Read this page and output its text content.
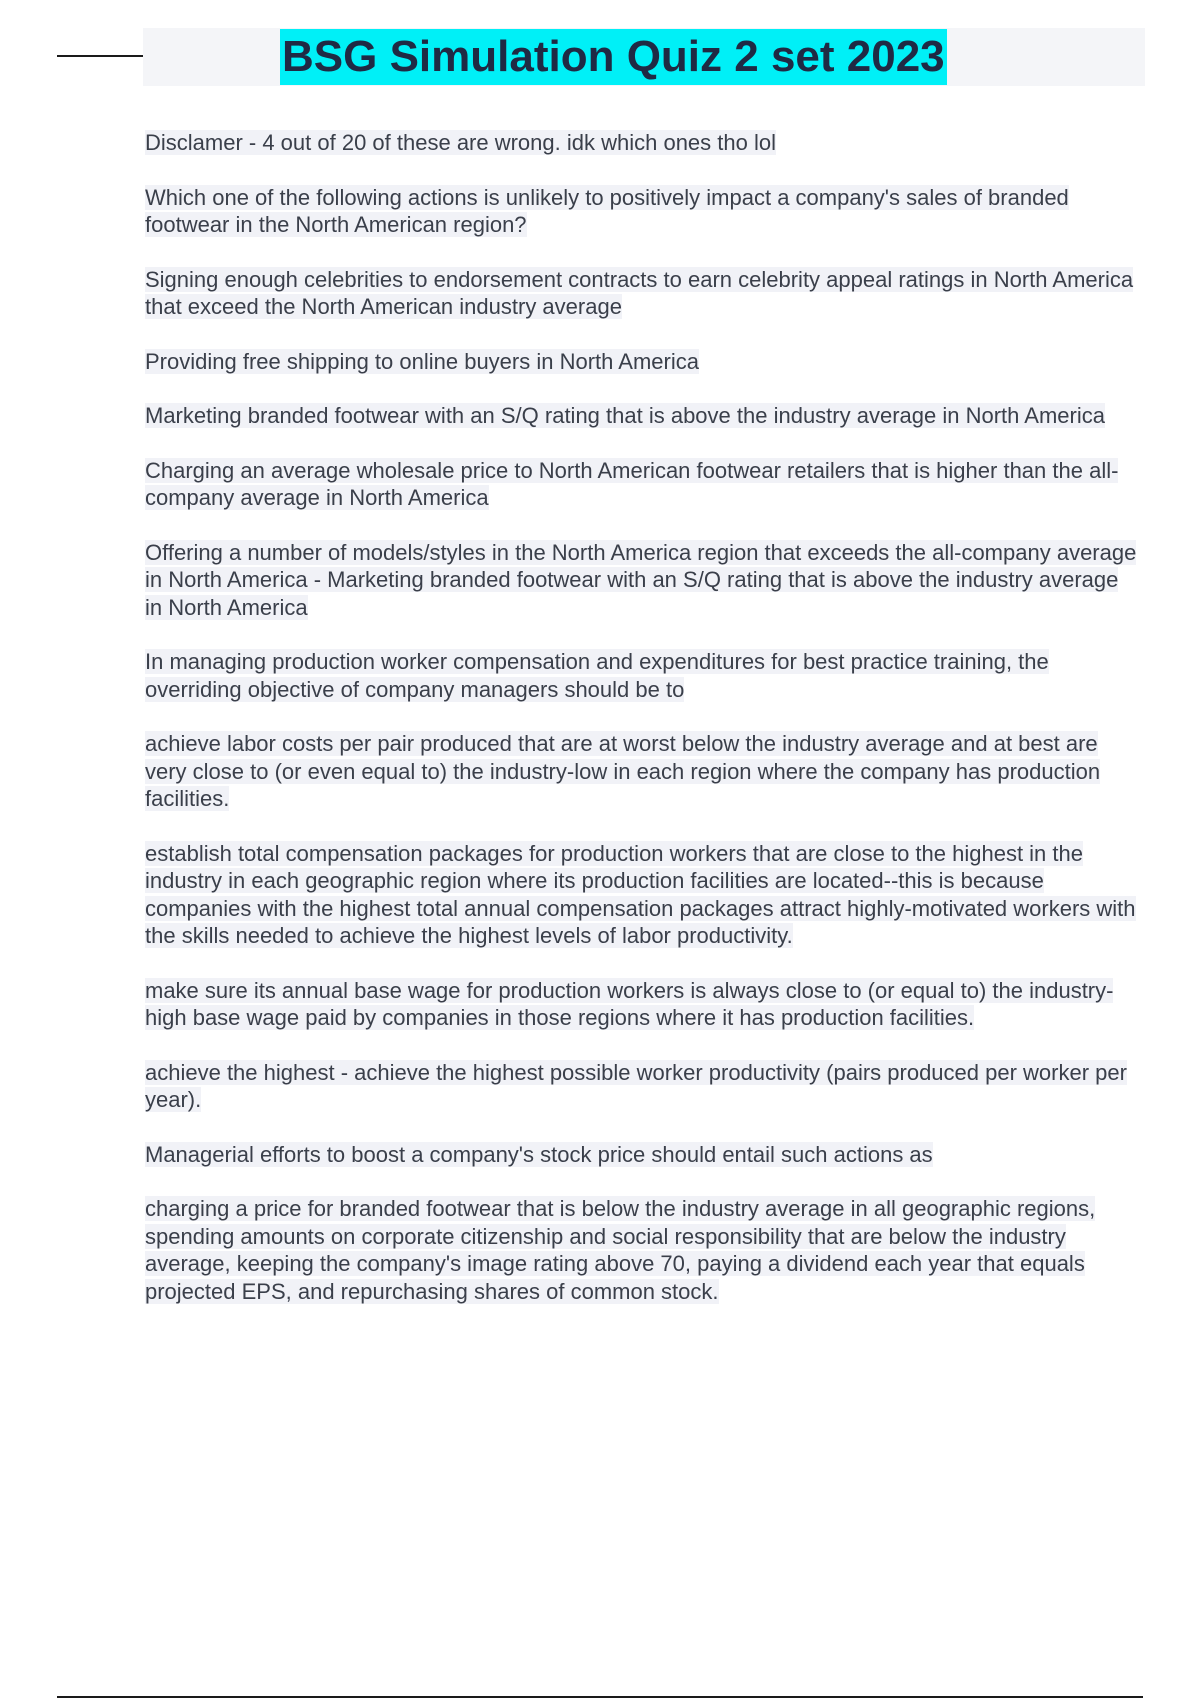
BSG Simulation Quiz 2 set 2023

Disclamer - 4 out of 20 of these are wrong. idk which ones tho lol

Which one of the following actions is unlikely to positively impact a company's sales of branded footwear in the North American region?

Signing enough celebrities to endorsement contracts to earn celebrity appeal ratings in North America that exceed the North American industry average

Providing free shipping to online buyers in North America

Marketing branded footwear with an S/Q rating that is above the industry average in North America

Charging an average wholesale price to North American footwear retailers that is higher than the all-company average in North America

Offering a number of models/styles in the North America region that exceeds the all-company average in North America - Marketing branded footwear with an S/Q rating that is above the industry average in North America

In managing production worker compensation and expenditures for best practice training, the overriding objective of company managers should be to

achieve labor costs per pair produced that are at worst below the industry average and at best are very close to (or even equal to) the industry-low in each region where the company has production facilities.

establish total compensation packages for production workers that are close to the highest in the industry in each geographic region where its production facilities are located--this is because companies with the highest total annual compensation packages attract highly-motivated workers with the skills needed to achieve the highest levels of labor productivity.

make sure its annual base wage for production workers is always close to (or equal to) the industry-high base wage paid by companies in those regions where it has production facilities.

achieve the highest - achieve the highest possible worker productivity (pairs produced per worker per year).

Managerial efforts to boost a company's stock price should entail such actions as

charging a price for branded footwear that is below the industry average in all geographic regions, spending amounts on corporate citizenship and social responsibility that are below the industry average, keeping the company's image rating above 70, paying a dividend each year that equals projected EPS, and repurchasing shares of common stock.
